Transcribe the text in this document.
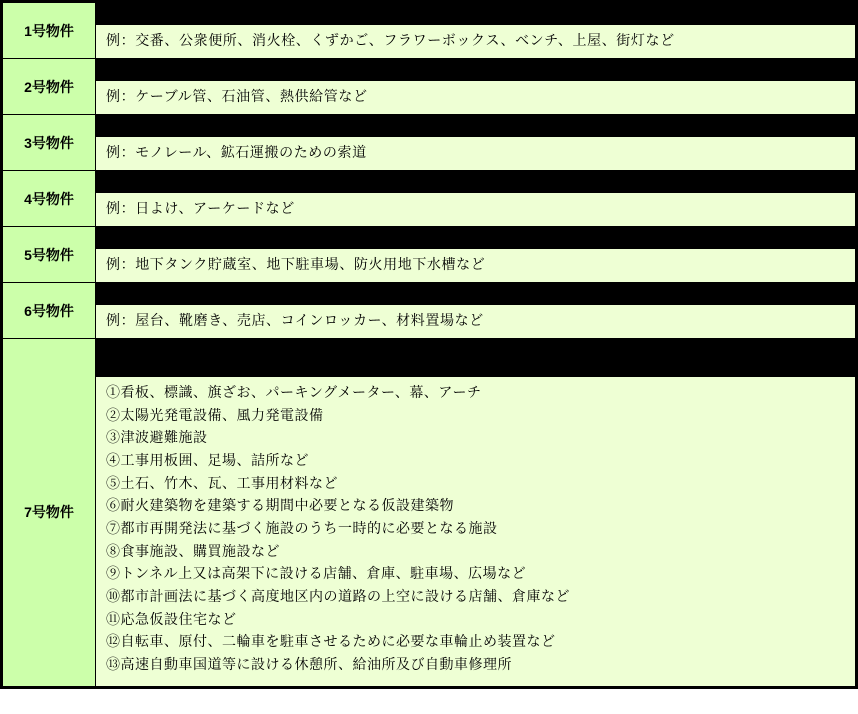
1号物件	例：交番、公衆便所、消火栓、くずかご、フラワーボックス、ベンチ、上屋、街灯など

2号物件	例：ケーブル管、石油管、熱供給管など

3号物件	例：モノレール、鉱石運搬のための索道

4号物件	例：日よけ、アーケードなど

5号物件	例：地下タンク貯蔵室、地下駐車場、防火用地下水槽など

6号物件	例：屋台、靴磨き、売店、コインロッカー、材料置場など

7号物件	
①看板、標識、旗ざお、パーキングメーター、幕、アーチ
②太陽光発電設備、風力発電設備
③津波避難施設
④工事用板囲、足場、詰所など
⑤土石、竹木、瓦、工事用材料など
⑥耐火建築物を建築する期間中必要となる仮設建築物
⑦都市再開発法に基づく施設のうち一時的に必要となる施設
⑧食事施設、購買施設など
⑨トンネル上又は高架下に設ける店舗、倉庫、駐車場、広場など
⑩都市計画法に基づく高度地区内の道路の上空に設ける店舗、倉庫など
⑪応急仮設住宅など
⑫自転車、原付、二輪車を駐車させるために必要な車輪止め装置など
⑬高速自動車国道等に設ける休憩所、給油所及び自動車修理所
